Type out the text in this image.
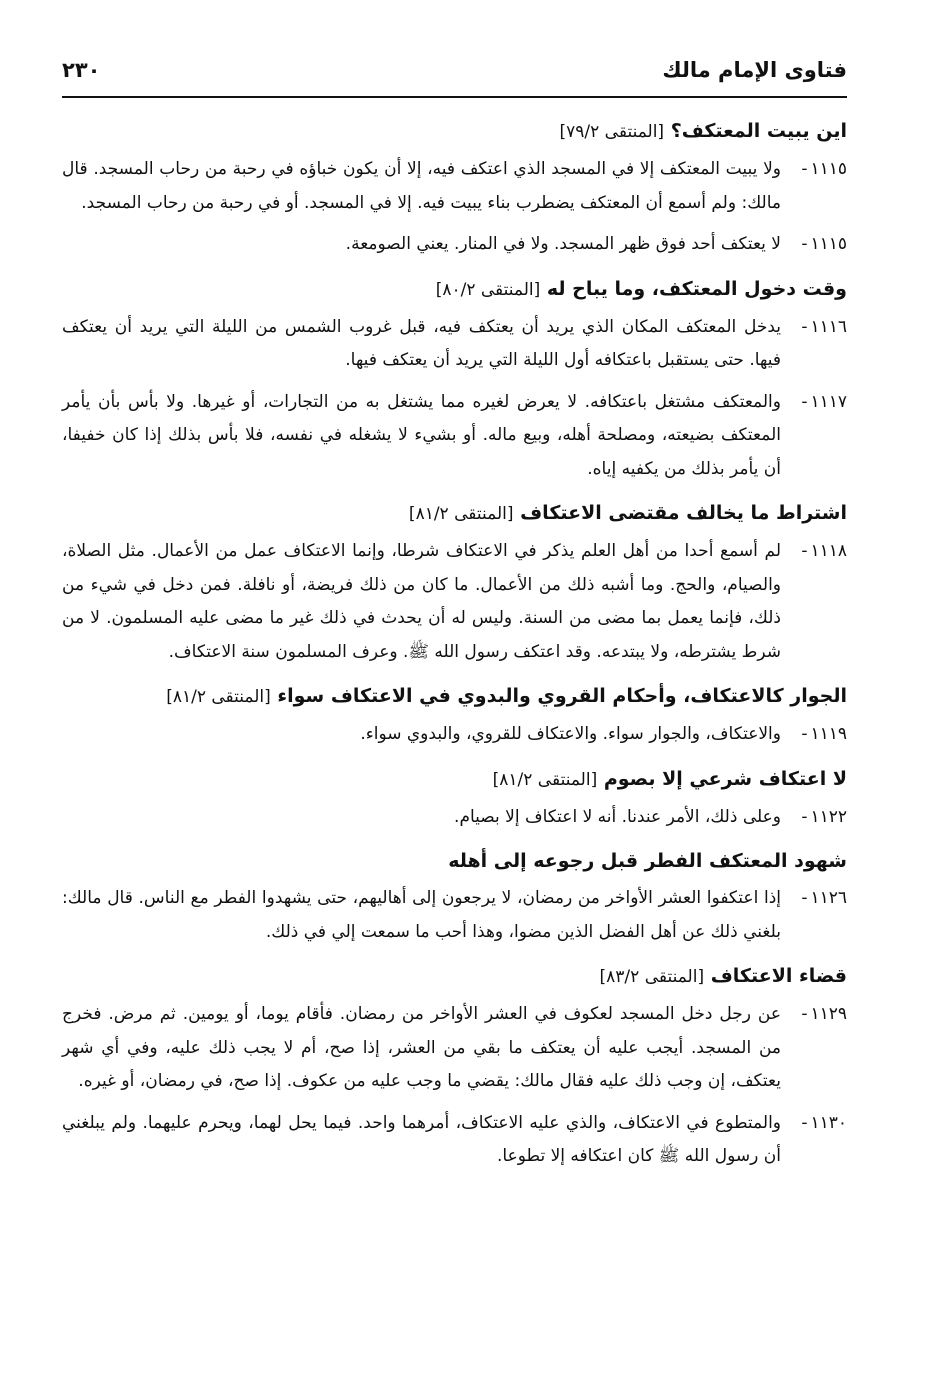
فتاوى الإمام مالك
٢٣٠
اين يبيت المعتكف؟ [المنتقى ٧٩/٢]
١١١٥-
ولا يبيت المعتكف إلا في المسجد الذي اعتكف فيه، إلا أن يكون خباؤه في رحبة من رحاب المسجد. قال مالك: ولم أسمع أن المعتكف يضطرب بناء يبيت فيه. إلا في المسجد. أو في رحبة من رحاب المسجد.
١١١٥-
لا يعتكف أحد فوق ظهر المسجد. ولا في المنار. يعني الصومعة.
وقت دخول المعتكف، وما يباح له [المنتقى ٨٠/٢]
١١١٦-
يدخل المعتكف المكان الذي يريد أن يعتكف فيه، قبل غروب الشمس من الليلة التي يريد أن يعتكف فيها. حتى يستقبل باعتكافه أول الليلة التي يريد أن يعتكف فيها.
١١١٧-
والمعتكف مشتغل باعتكافه. لا يعرض لغيره مما يشتغل به من التجارات، أو غيرها. ولا بأس بأن يأمر المعتكف بضيعته، ومصلحة أهله، وبيع ماله. أو بشيء لا يشغله في نفسه، فلا بأس بذلك إذا كان خفيفا، أن يأمر بذلك من يكفيه إياه.
اشتراط ما يخالف مقتضى الاعتكاف [المنتقى ٨١/٢]
١١١٨-
لم أسمع أحدا من أهل العلم يذكر في الاعتكاف شرطا، وإنما الاعتكاف عمل من الأعمال. مثل الصلاة، والصيام، والحج. وما أشبه ذلك من الأعمال. ما كان من ذلك فريضة، أو نافلة. فمن دخل في شيء من ذلك، فإنما يعمل بما مضى من السنة. وليس له أن يحدث في ذلك غير ما مضى عليه المسلمون. لا من شرط يشترطه، ولا يبتدعه. وقد اعتكف رسول الله ﷺ. وعرف المسلمون سنة الاعتكاف.
الجوار كالاعتكاف، وأحكام القروي والبدوي في الاعتكاف سواء [المنتقى ٨١/٢]
١١١٩-
والاعتكاف، والجوار سواء. والاعتكاف للقروي، والبدوي سواء.
لا اعتكاف شرعي إلا بصوم [المنتقى ٨١/٢]
١١٢٢-
وعلى ذلك، الأمر عندنا. أنه لا اعتكاف إلا بصيام.
شهود المعتكف الفطر قبل رجوعه إلى أهله
١١٢٦-
إذا اعتكفوا العشر الأواخر من رمضان، لا يرجعون إلى أهاليهم، حتى يشهدوا الفطر مع الناس. قال مالك: بلغني ذلك عن أهل الفضل الذين مضوا، وهذا أحب ما سمعت إلي في ذلك.
قضاء الاعتكاف [المنتقى ٨٣/٢]
١١٢٩-
عن رجل دخل المسجد لعكوف في العشر الأواخر من رمضان. فأقام يوما، أو يومين. ثم مرض. فخرج من المسجد. أيجب عليه أن يعتكف ما بقي من العشر، إذا صح، أم لا يجب ذلك عليه، وفي أي شهر يعتكف، إن وجب ذلك عليه فقال مالك: يقضي ما وجب عليه من عكوف. إذا صح، في رمضان، أو غيره.
١١٣٠-
والمتطوع في الاعتكاف، والذي عليه الاعتكاف، أمرهما واحد. فيما يحل لهما، ويحرم عليهما. ولم يبلغني أن رسول الله ﷺ كان اعتكافه إلا تطوعا.
